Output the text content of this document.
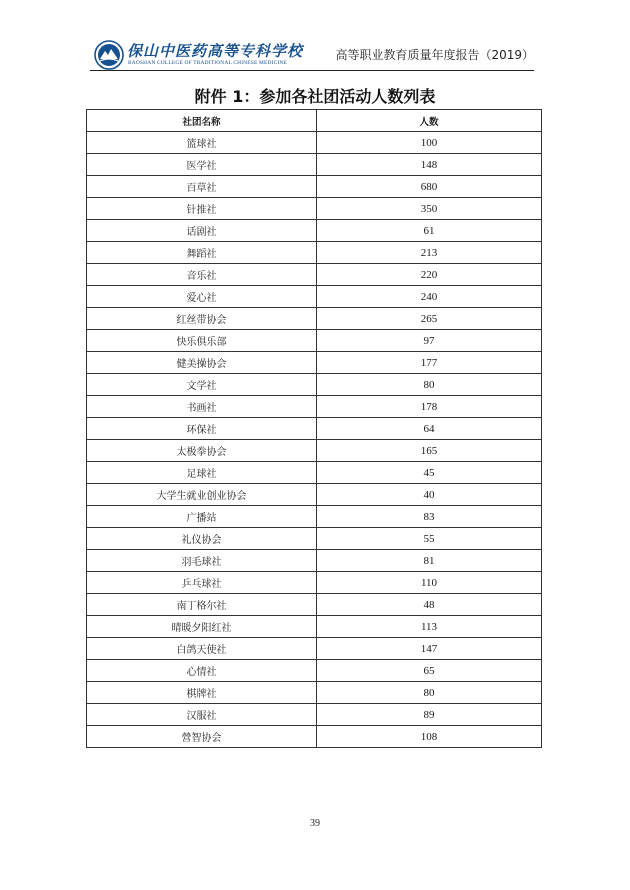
保山中医药高等专科学校
BAOSHAN COLLEGE OF TRADITIONAL CHINESE MEDICINE
高等职业教育质量年度报告（2019）
附件 1：参加各社团活动人数列表
社团名称	人数
篮球社	100
医学社	148
百草社	680
针推社	350
话剧社	61
舞蹈社	213
音乐社	220
爱心社	240
红丝带协会	265
快乐俱乐部	97
健美操协会	177
文学社	80
书画社	178
环保社	64
太极拳协会	165
足球社	45
大学生就业创业协会	40
广播站	83
礼仪协会	55
羽毛球社	81
乒乓球社	110
南丁格尔社	48
晴暖夕阳红社	113
白鸽天使社	147
心情社	65
棋牌社	80
汉服社	89
營智协会	108
39
